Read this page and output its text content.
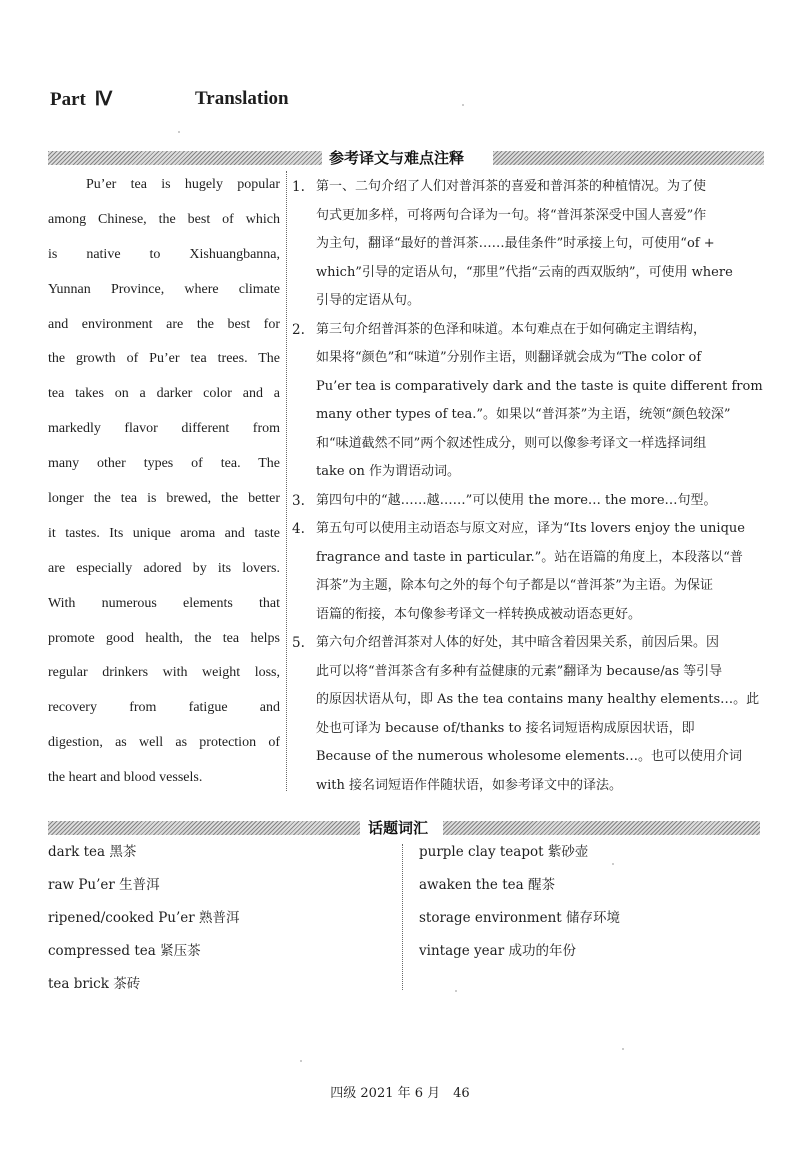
Part Ⅳ	Translation
参考译文与难点注释
Pu’er tea is hugely popular
among Chinese, the best of which
is native to Xishuangbanna,
Yunnan Province, where climate
and environment are the best for
the growth of Pu’er tea trees. The
tea takes on a darker color and a
markedly flavor different from
many other types of tea. The
longer the tea is brewed, the better
it tastes. Its unique aroma and taste
are especially adored by its lovers.
With numerous elements that
promote good health, the tea helps
regular drinkers with weight loss,
recovery from fatigue and
digestion, as well as protection of
the heart and blood vessels.
1. 第一、二句介绍了人们对普洱茶的喜爱和普洱茶的种植情况。为了使
句式更加多样，可将两句合译为一句。将“普洱茶深受中国人喜爱”作
为主句，翻译“最好的普洱茶……最佳条件”时承接上句，可使用“of +
which”引导的定语从句，“那里”代指“云南的西双版纳”，可使用 where
引导的定语从句。
2. 第三句介绍普洱茶的色泽和味道。本句难点在于如何确定主谓结构，
如果将“颜色”和“味道”分别作主语，则翻译就会成为“The color of
Pu’er tea is comparatively dark and the taste is quite different from
many other types of tea.”。如果以“普洱茶”为主语，统领“颜色较深”
和“味道截然不同”两个叙述性成分，则可以像参考译文一样选择词组
take on 作为谓语动词。
3. 第四句中的“越……越……”可以使用 the more… the more…句型。
4. 第五句可以使用主动语态与原文对应，译为“Its lovers enjoy the unique
fragrance and taste in particular.”。站在语篇的角度上，本段落以“普
洱茶”为主题，除本句之外的每个句子都是以“普洱茶”为主语。为保证
语篇的衔接，本句像参考译文一样转换成被动语态更好。
5. 第六句介绍普洱茶对人体的好处，其中暗含着因果关系，前因后果。因
此可以将“普洱茶含有多种有益健康的元素”翻译为 because/as 等引导
的原因状语从句，即 As the tea contains many healthy elements…。此
处也可译为 because of/thanks to 接名词短语构成原因状语，即
Because of the numerous wholesome elements…。也可以使用介词
with 接名词短语作伴随状语，如参考译文中的译法。
话题词汇
dark tea 黑茶
raw Pu’er 生普洱
ripened/cooked Pu’er 熟普洱
compressed tea 紧压茶
tea brick 茶砖
purple clay teapot 紫砂壶
awaken the tea 醒茶
storage environment 储存环境
vintage year 成功的年份
四级 2021 年 6 月　46
